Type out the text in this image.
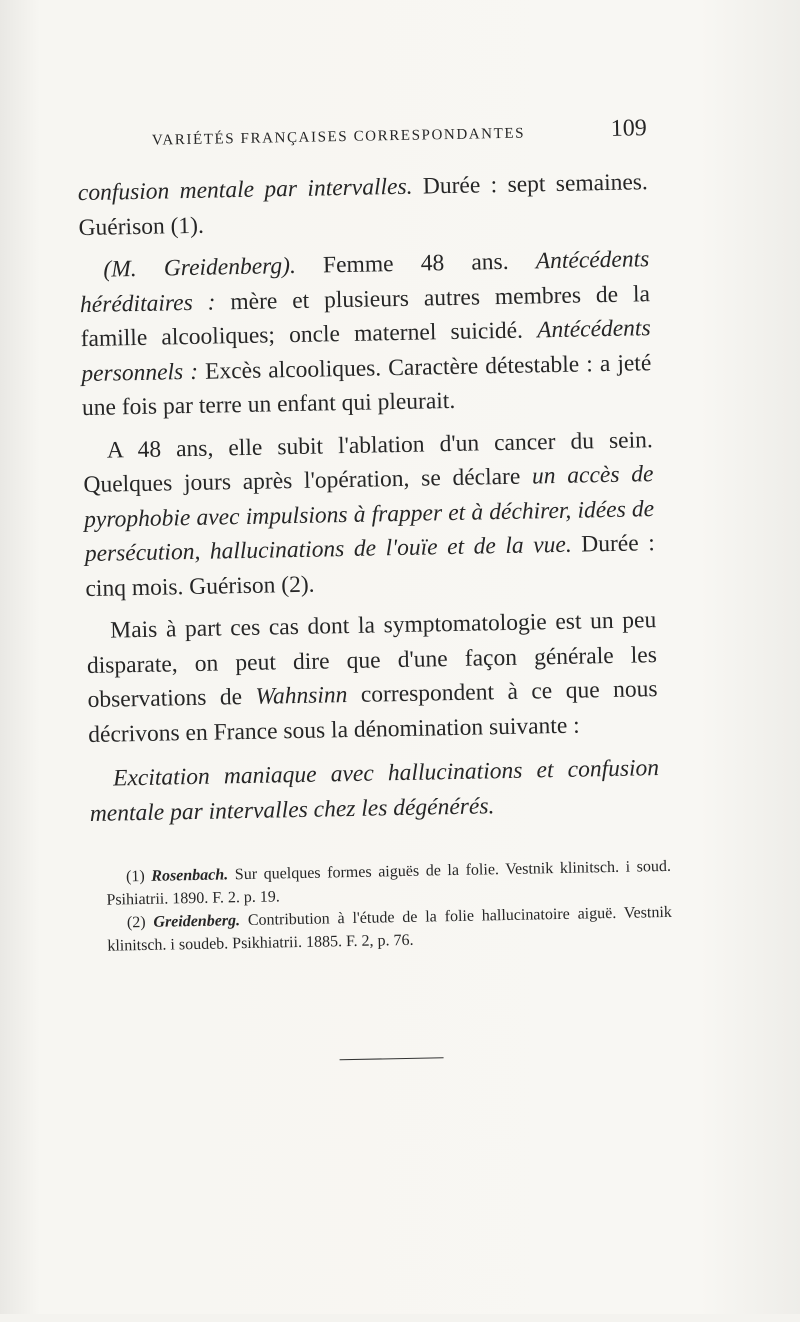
VARIÉTÉS FRANÇAISES CORRESPONDANTES	109

confusion mentale par intervalles. Durée : sept semaines. Guérison (1).

(M. Greidenberg). Femme 48 ans. Antécédents héréditaires : mère et plusieurs autres membres de la famille alcooliques; oncle maternel suicidé. Antécédents personnels : Excès alcooliques. Caractère détestable : a jeté une fois par terre un enfant qui pleurait.

A 48 ans, elle subit l'ablation d'un cancer du sein. Quelques jours après l'opération, se déclare un accès de pyrophobie avec impulsions à frapper et à déchirer, idées de persécution, hallucinations de l'ouïe et de la vue. Durée : cinq mois. Guérison (2).

Mais à part ces cas dont la symptomatologie est un peu disparate, on peut dire que d'une façon générale les observations de Wahnsinn correspondent à ce que nous décrivons en France sous la dénomination suivante :

Excitation maniaque avec hallucinations et confusion mentale par intervalles chez les dégénérés.

(1) Rosenbach. Sur quelques formes aiguës de la folie. Vestnik klinitsch. i soud. Psihiatrii. 1890. F. 2. p. 19.

(2) Greidenberg. Contribution à l'étude de la folie hallucinatoire aiguë. Vestnik klinitsch. i soudeb. Psikhiatrii. 1885. F. 2, p. 76.
